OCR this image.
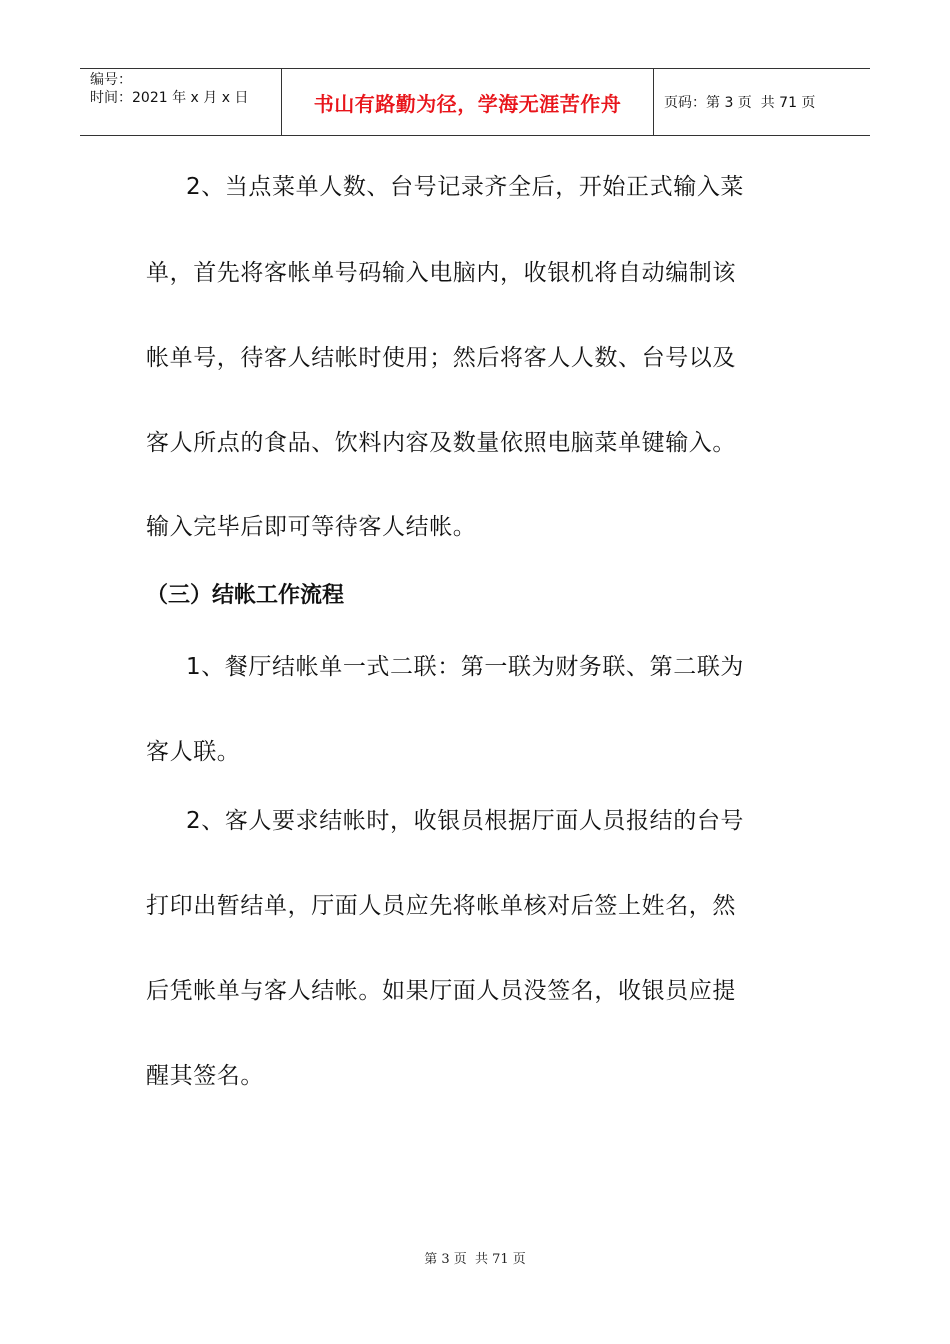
编号：
时间：2021 年 x 月 x 日	书山有路勤为径，学海无涯苦作舟	页码：第 3 页  共 71 页
2、当点菜单人数、台号记录齐全后，开始正式输入菜
单，首先将客帐单号码输入电脑内，收银机将自动编制该
帐单号，待客人结帐时使用；然后将客人人数、台号以及
客人所点的食品、饮料内容及数量依照电脑菜单键输入。
输入完毕后即可等待客人结帐。
（三）结帐工作流程
1、餐厅结帐单一式二联：第一联为财务联、第二联为
客人联。
2、客人要求结帐时，收银员根据厅面人员报结的台号
打印出暂结单，厅面人员应先将帐单核对后签上姓名，然
后凭帐单与客人结帐。如果厅面人员没签名，收银员应提
醒其签名。
第 3 页  共 71 页
